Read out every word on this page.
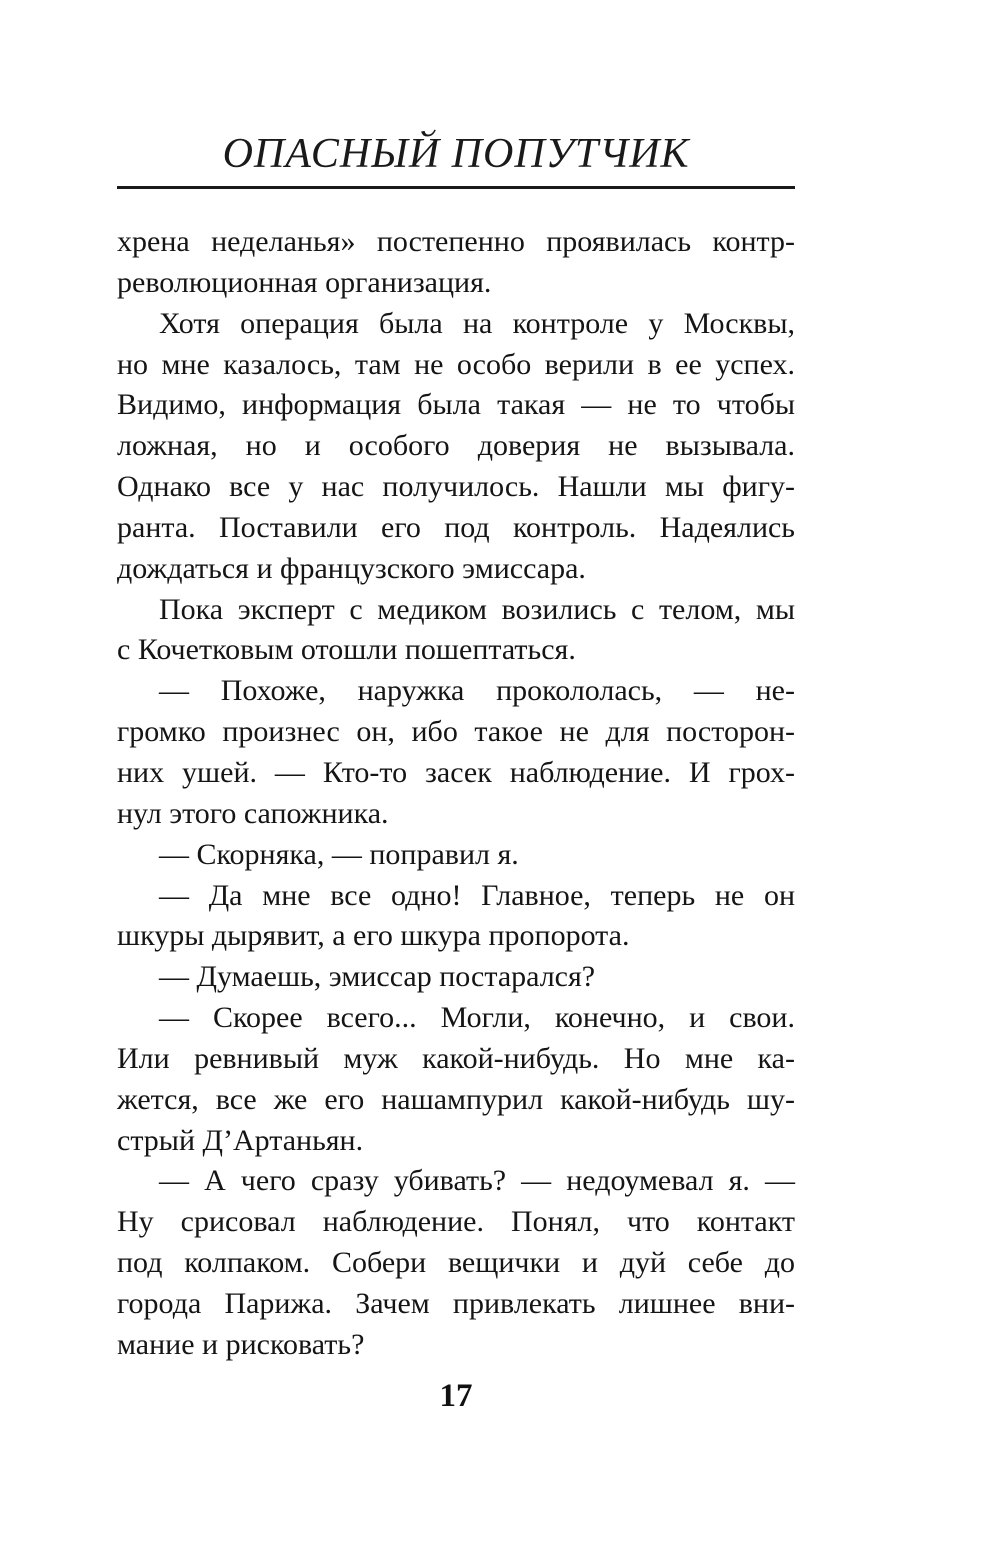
ОПАСНЫЙ ПОПУТЧИК
хрена неделанья» постепенно проявилась контр-
революционная организация.
Хотя операция была на контроле у Москвы,
но мне казалось, там не особо верили в ее успех.
Видимо, информация была такая — не то чтобы
ложная, но и особого доверия не вызывала.
Однако все у нас получилось. Нашли мы фигу-
ранта. Поставили его под контроль. Надеялись
дождаться и французского эмиссара.
Пока эксперт с медиком возились с телом, мы
с Кочетковым отошли пошептаться.
— Похоже, наружка прокололась, — не-
громко произнес он, ибо такое не для посторон-
них ушей. — Кто-то засек наблюдение. И грох-
нул этого сапожника.
— Скорняка, — поправил я.
— Да мне все одно! Главное, теперь не он
шкуры дырявит, а его шкура пропорота.
— Думаешь, эмиссар постарался?
— Скорее всего... Могли, конечно, и свои.
Или ревнивый муж какой-нибудь. Но мне ка-
жется, все же его нашампурил какой-нибудь шу-
стрый Д’Артаньян.
— А чего сразу убивать? — недоумевал я. —
Ну срисовал наблюдение. Понял, что контакт
под колпаком. Собери вещички и дуй себе до
города Парижа. Зачем привлекать лишнее вни-
мание и рисковать?
17
